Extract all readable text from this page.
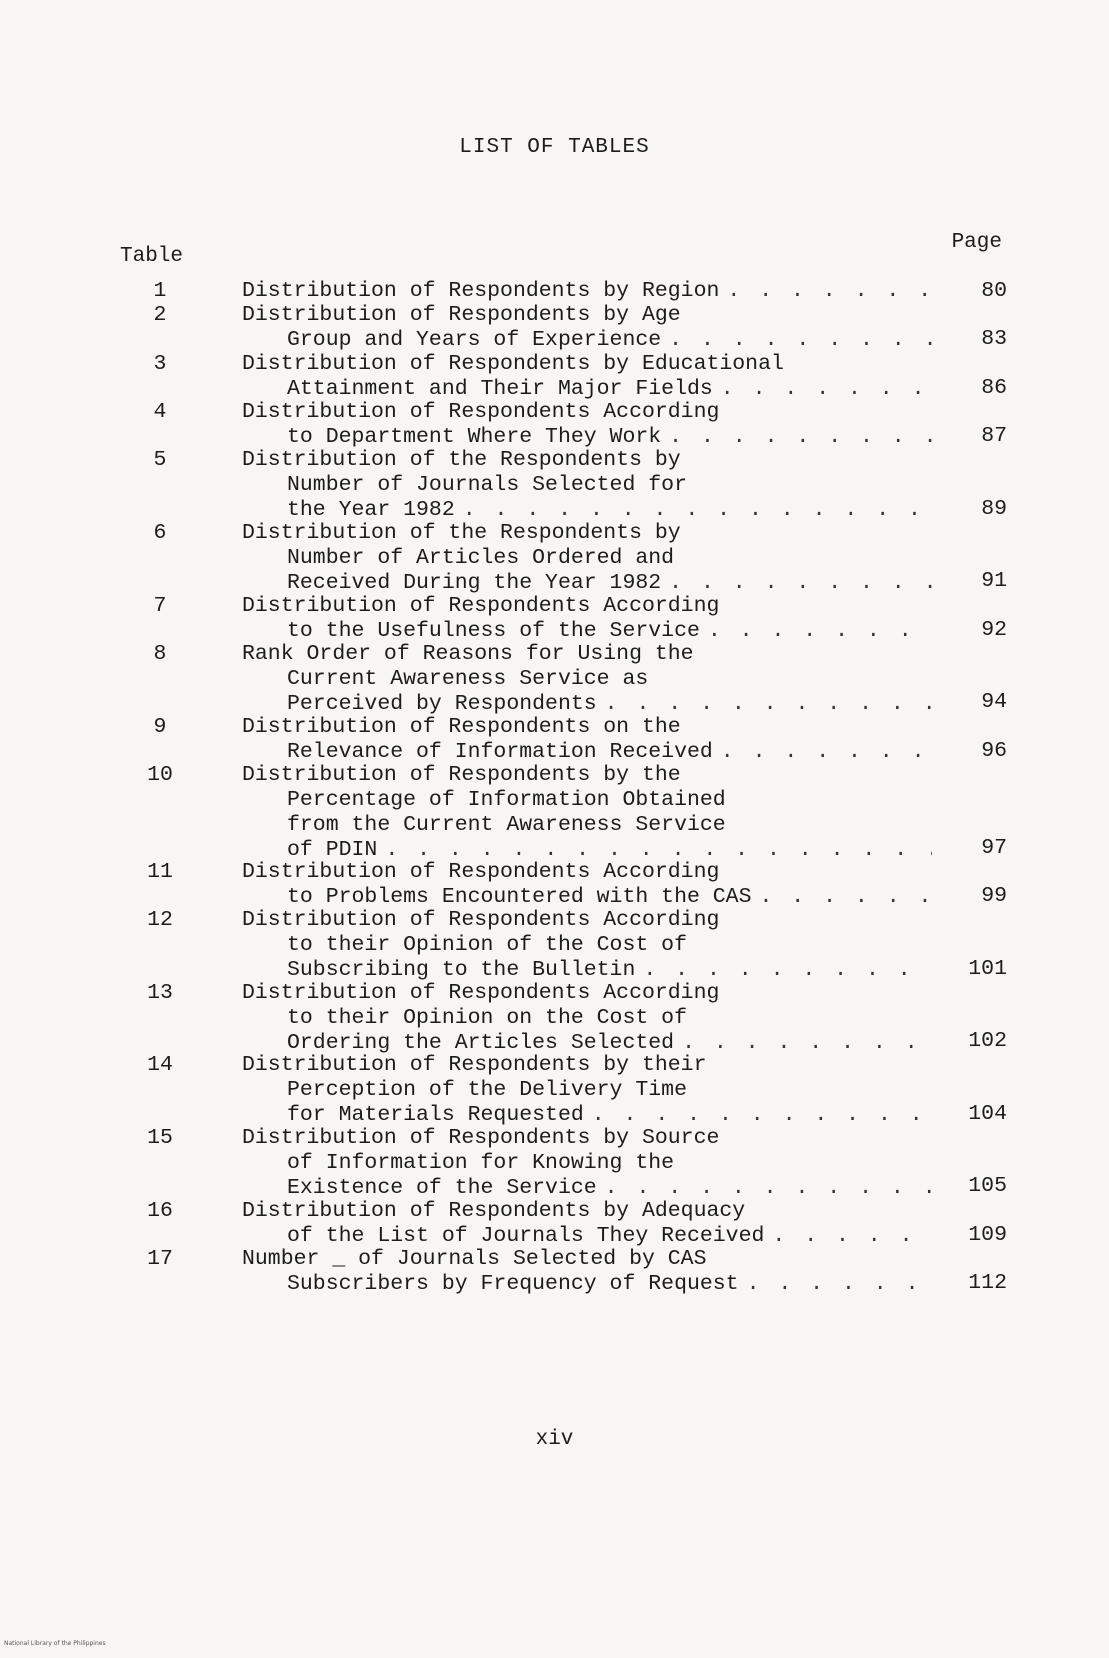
LIST OF TABLES
Table
Page
1	Distribution of Respondents by Region . . .	80
2	Distribution of Respondents by Age
Group and Years of Experience . . .	83
3	Distribution of Respondents by Educational
Attainment and Their Major Fields . . .	86
4	Distribution of Respondents According
to Department Where They Work . . .	87
5	Distribution of the Respondents by
Number of Journals Selected for
the Year 1982 . . .	89
6	Distribution of the Respondents by
Number of Articles Ordered and
Received During the Year 1982 . . .	91
7	Distribution of Respondents According
to the Usefulness of the Service . . .	92
8	Rank Order of Reasons for Using the
Current Awareness Service as
Perceived by Respondents . . .	94
9	Distribution of Respondents on the
Relevance of Information Received . . .	96
10	Distribution of Respondents by the
Percentage of Information Obtained
from the Current Awareness Service
of PDIN . . .	97
11	Distribution of Respondents According
to Problems Encountered with the CAS . . .	99
12	Distribution of Respondents According
to their Opinion of the Cost of
Subscribing to the Bulletin . . .	101
13	Distribution of Respondents According
to their Opinion on the Cost of
Ordering the Articles Selected . . .	102
14	Distribution of Respondents by their
Perception of the Delivery Time
for Materials Requested . . .	104
15	Distribution of Respondents by Source
of Information for Knowing the
Existence of the Service . . .	105
16	Distribution of Respondents by Adequacy
of the List of Journals They Received . . .	109
17	Number _ of Journals Selected by CAS
Subscribers by Frequency of Request . . .	112
xiv
National Library of the Philippines
